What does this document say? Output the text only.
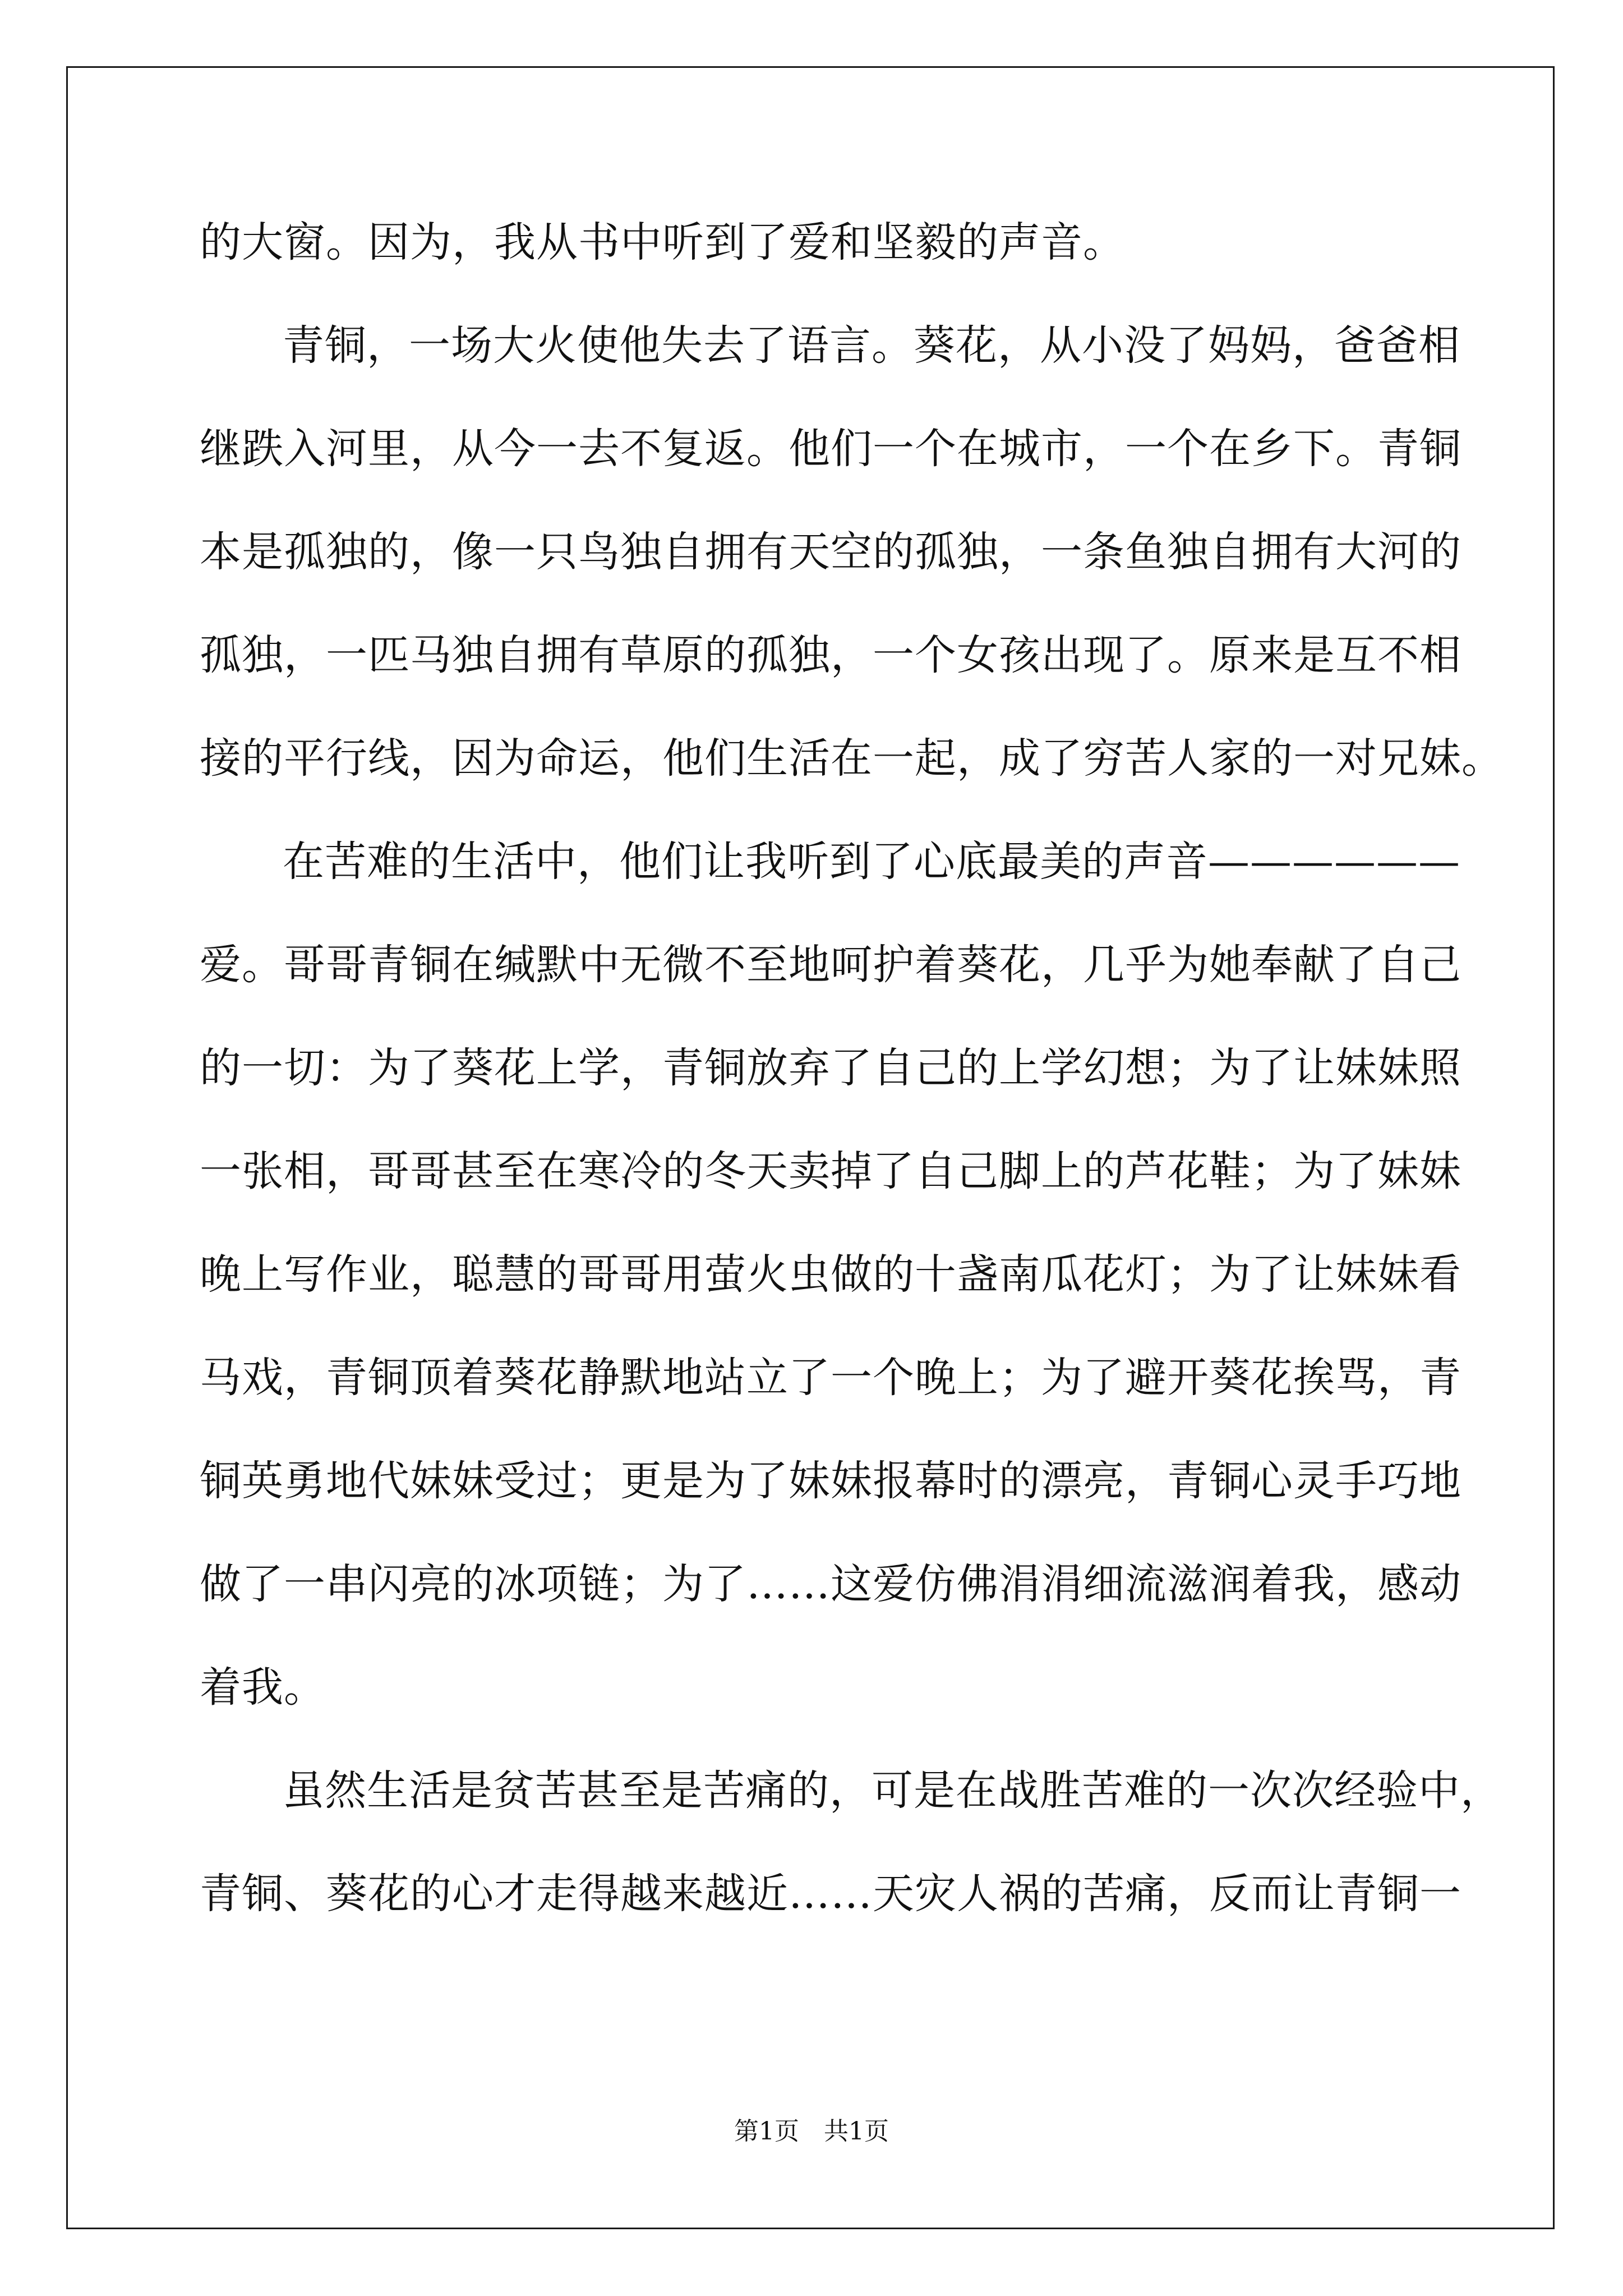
的大窗。因为，我从书中听到了爱和坚毅的声音。
青铜，一场大火使他失去了语言。葵花，从小没了妈妈，爸爸相
继跌入河里，从今一去不复返。他们一个在城市，一个在乡下。青铜
本是孤独的，像一只鸟独自拥有天空的孤独，一条鱼独自拥有大河的
孤独，一匹马独自拥有草原的孤独，一个女孩出现了。原来是互不相
接的平行线，因为命运，他们生活在一起，成了穷苦人家的一对兄妹。
在苦难的生活中，他们让我听到了心底最美的声音——————
爱。哥哥青铜在缄默中无微不至地呵护着葵花，几乎为她奉献了自己
的一切：为了葵花上学，青铜放弃了自己的上学幻想；为了让妹妹照
一张相，哥哥甚至在寒冷的冬天卖掉了自己脚上的芦花鞋；为了妹妹
晚上写作业，聪慧的哥哥用萤火虫做的十盏南瓜花灯；为了让妹妹看
马戏，青铜顶着葵花静默地站立了一个晚上；为了避开葵花挨骂，青
铜英勇地代妹妹受过；更是为了妹妹报幕时的漂亮，青铜心灵手巧地
做了一串闪亮的冰项链；为了……这爱仿佛涓涓细流滋润着我，感动
着我。
虽然生活是贫苦甚至是苦痛的，可是在战胜苦难的一次次经验中，
青铜、葵花的心才走得越来越近……天灾人祸的苦痛，反而让青铜一
第1页 共1页
